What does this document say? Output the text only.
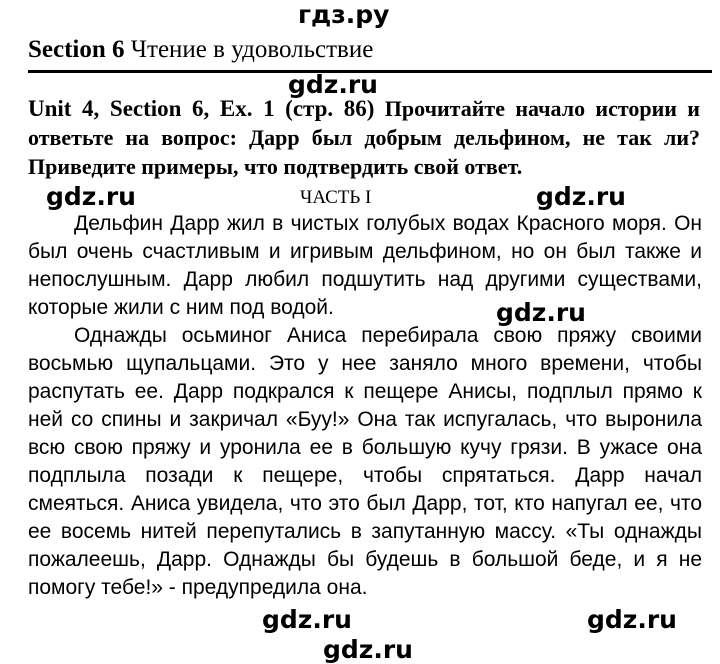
гдз.ру
Section 6 Чтение в удовольствие
gdz.ru
Unit 4, Section 6, Ex. 1 (стр. 86) Прочитайте начало истории и ответьте на вопрос: Дарр был добрым дельфином, не так ли? Приведите примеры, что подтвердить свой ответ.
gdz.ru	ЧАСТЬ I	gdz.ru

Дельфин Дарр жил в чистых голубых водах Красного моря. Он был очень счастливым и игривым дельфином, но он был также и непослушным. Дарр любил подшутить над другими существами, которые жили с ним под водой.

Однажды осьминог Аниса перебирала свою пряжу своими восьмью щупальцами. Это у нее заняло много времени, чтобы распутать ее. Дарр подкрался к пещере Анисы, подплыл прямо к ней со спины и закричал «Буу!» Она так испугалась, что выронила всю свою пряжу и уронила ее в большую кучу грязи. В ужасе она подплыла позади к пещере, чтобы спрятаться. Дарр начал смеяться. Аниса увидела, что это был Дарр, тот, кто напугал ее, что ее восемь нитей перепутались в запутанную массу. «Ты однажды пожалеешь, Дарр. Однажды бы будешь в большой беде, и я не помогу тебе!» - предупредила она.

gdz.ru
gdz.ru	gdz.ru
gdz.ru
